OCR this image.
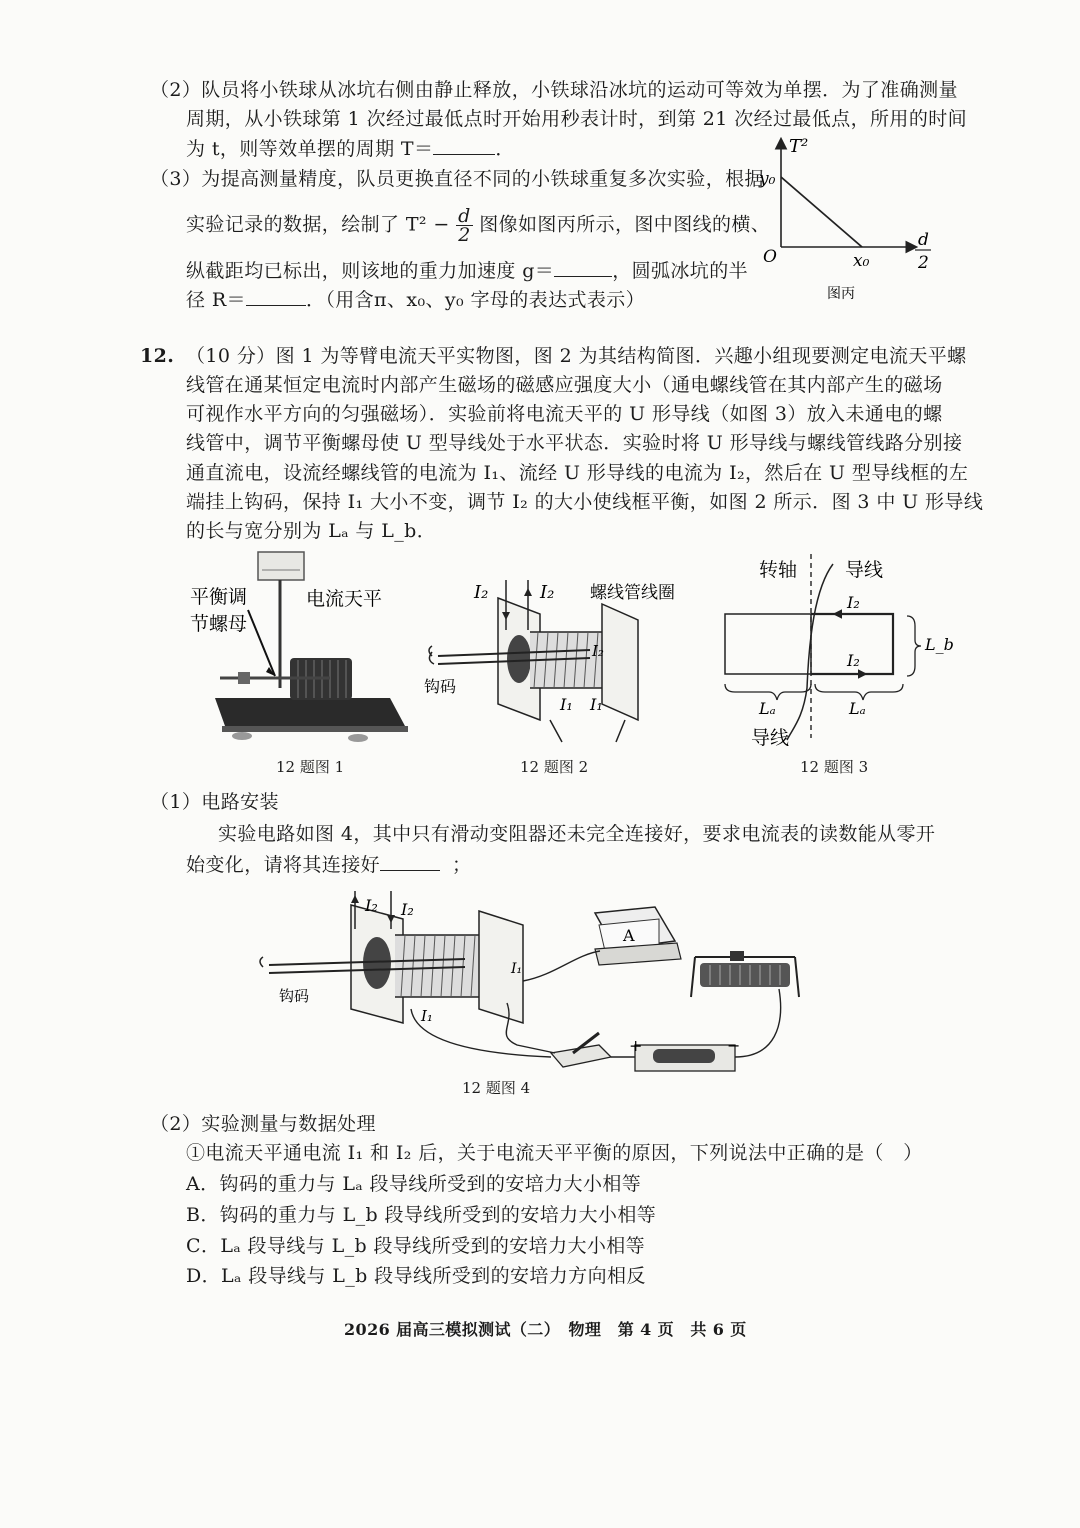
（2）队员将小铁球从冰坑右侧由静止释放，小铁球沿冰坑的运动可等效为单摆．为了准确测量
周期，从小铁球第 1 次经过最低点时开始用秒表计时，到第 21 次经过最低点，所用的时间
为 t，则等效单摆的周期 T＝	．
（3）为提高测量精度，队员更换直径不同的小铁球重复多次实验，根据
实验记录的数据，绘制了 $T^2 - \frac{d}{2}$ 图像如图丙所示，图中图线的横、
纵截距均已标出，则该地的重力加速度 g＝	，圆弧冰坑的半
径 R＝	．（用含π、x₀、y₀ 字母的表达式表示）
T²
y₀
O	x₀
d
2
图丙
12. （10 分）图 1 为等臂电流天平实物图，图 2 为其结构简图．兴趣小组现要测定电流天平螺
线管在通某恒定电流时内部产生磁场的磁感应强度大小（通电螺线管在其内部产生的磁场
可视作水平方向的匀强磁场）．实验前将电流天平的 U 形导线（如图 3）放入未通电的螺
线管中，调节平衡螺母使 U 型导线处于水平状态．实验时将 U 形导线与螺线管线路分别接
通直流电，设流经螺线管的电流为 I₁、流经 U 形导线的电流为 I₂，然后在 U 型导线框的左
端挂上钩码，保持 I₁ 大小不变，调节 I₂ 的大小使线框平衡，如图 2 所示．图 3 中 U 形导线
的长与宽分别为 Lₐ 与 L_b．
平衡调
节螺母
电流天平
12 题图 1
I₂	I₂ 螺线管线圈
I₂
钩码
I₁ I₁
12 题图 2
转轴	导线
I₂
I₂
L_b
Lₐ	Lₐ
导线
12 题图 3
（1）电路安装
实验电路如图 4，其中只有滑动变阻器还未完全连接好，要求电流表的读数能从零开
始变化，请将其连接好	；
I₂ I₂
I₁
I₁
钩码
A
+	−
12 题图 4
（2）实验测量与数据处理
①电流天平通电流 I₁ 和 I₂ 后，关于电流天平平衡的原因，下列说法中正确的是（　）
A．钩码的重力与 Lₐ 段导线所受到的安培力大小相等
B．钩码的重力与 L_b 段导线所受到的安培力大小相等
C．Lₐ 段导线与 L_b 段导线所受到的安培力大小相等
D．Lₐ 段导线与 L_b 段导线所受到的安培力方向相反
2026 届高三模拟测试（二）　物理　第 4 页　共 6 页
